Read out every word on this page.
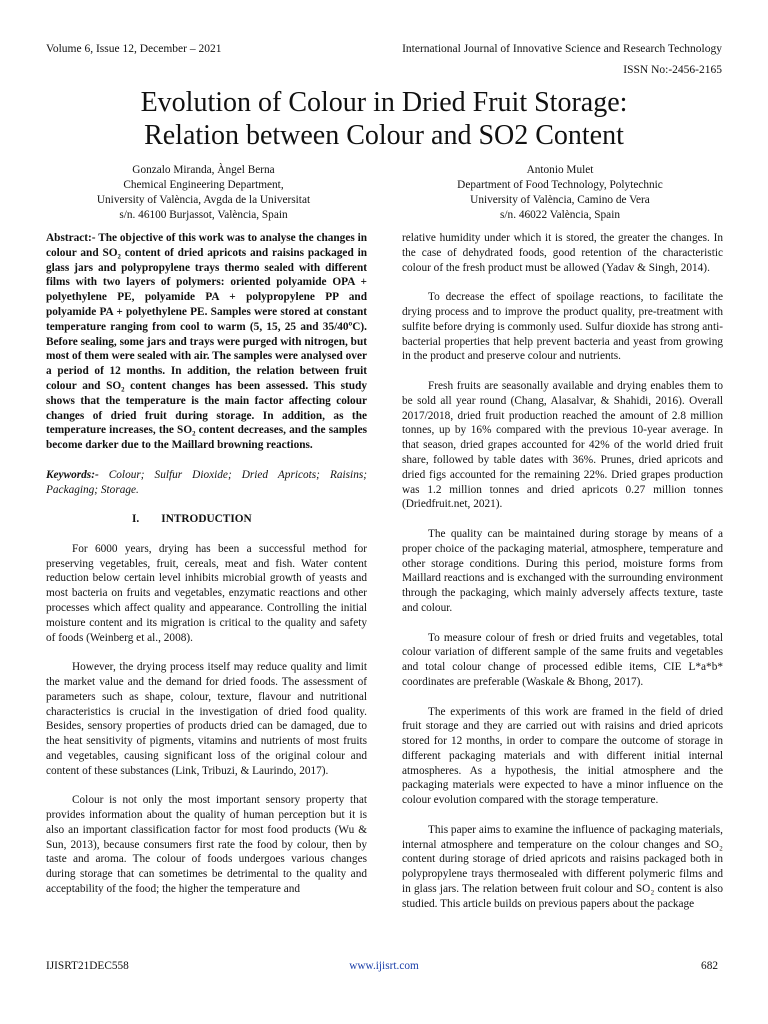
Volume 6, Issue 12, December – 2021	International Journal of Innovative Science and Research Technology
ISSN No:-2456-2165
Evolution of Colour in Dried Fruit Storage:
Relation between Colour and SO2 Content
Gonzalo Miranda, Àngel Berna
Chemical Engineering Department,
University of València, Avgda de la Universitat
s/n. 46100 Burjassot, València, Spain
Antonio Mulet
Department of Food Technology, Polytechnic
University of València, Camino de Vera
s/n. 46022 València, Spain

Abstract:- The objective of this work was to analyse the changes in colour and SO₂ content of dried apricots and raisins packaged in glass jars and polypropylene trays thermo sealed with different films with two layers of polymers: oriented polyamide OPA + polyethylene PE, polyamide PA + polypropylene PP and polyamide PA + polyethylene PE. Samples were stored at constant temperature ranging from cool to warm (5, 15, 25 and 35/40ºC). Before sealing, some jars and trays were purged with nitrogen, but most of them were sealed with air. The samples were analysed over a period of 12 months. In addition, the relation between fruit colour and SO₂ content changes has been assessed. This study shows that the temperature is the main factor affecting colour changes of dried fruit during storage. In addition, as the temperature increases, the SO₂ content decreases, and the samples become darker due to the Maillard browning reactions.

Keywords:- Colour; Sulfur Dioxide; Dried Apricots; Raisins; Packaging; Storage.

I. INTRODUCTION

For 6000 years, drying has been a successful method for preserving vegetables, fruit, cereals, meat and fish. Water content reduction below certain level inhibits microbial growth of yeasts and most bacteria on fruits and vegetables, enzymatic reactions and other processes which affect quality and appearance. Controlling the initial moisture content and its migration is critical to the quality and safety of foods (Weinberg et al., 2008).

However, the drying process itself may reduce quality and limit the market value and the demand for dried foods. The assessment of parameters such as shape, colour, texture, flavour and nutritional characteristics is crucial in the investigation of dried food quality. Besides, sensory properties of products dried can be damaged, due to the heat sensitivity of pigments, vitamins and nutrients of most fruits and vegetables, causing significant loss of the original colour and content of these substances (Link, Tribuzi, & Laurindo, 2017).

Colour is not only the most important sensory property that provides information about the quality of human perception but it is also an important classification factor for most food products (Wu & Sun, 2013), because consumers first rate the food by colour, then by taste and aroma. The colour of foods undergoes various changes during storage that can sometimes be detrimental to the quality and acceptability of the food; the higher the temperature and

relative humidity under which it is stored, the greater the changes. In the case of dehydrated foods, good retention of the characteristic colour of the fresh product must be allowed (Yadav & Singh, 2014).

To decrease the effect of spoilage reactions, to facilitate the drying process and to improve the product quality, pre-treatment with sulfite before drying is commonly used. Sulfur dioxide has strong anti-bacterial properties that help prevent bacteria and yeast from growing in the product and preserve colour and nutrients.

Fresh fruits are seasonally available and drying enables them to be sold all year round (Chang, Alasalvar, & Shahidi, 2016). Overall 2017/2018, dried fruit production reached the amount of 2.8 million tonnes, up by 16% compared with the previous 10-year average. In that season, dried grapes accounted for 42% of the world dried fruit share, followed by table dates with 36%. Prunes, dried apricots and dried figs accounted for the remaining 22%. Dried grapes production was 1.2 million tonnes and dried apricots 0.27 million tonnes (Driedfruit.net, 2021).

The quality can be maintained during storage by means of a proper choice of the packaging material, atmosphere, temperature and other storage conditions. During this period, moisture forms from Maillard reactions and is exchanged with the surrounding environment through the packaging, which mainly adversely affects texture, taste and colour.

To measure colour of fresh or dried fruits and vegetables, total colour variation of different sample of the same fruits and vegetables and total colour change of processed edible items, CIE L*a*b* coordinates are preferable (Waskale & Bhong, 2017).

The experiments of this work are framed in the field of dried fruit storage and they are carried out with raisins and dried apricots stored for 12 months, in order to compare the outcome of storage in different packaging materials and with different initial internal atmospheres. As a hypothesis, the initial atmosphere and the packaging materials were expected to have a minor influence on the colour evolution compared with the storage temperature.

This paper aims to examine the influence of packaging materials, internal atmosphere and temperature on the colour changes and SO₂ content during storage of dried apricots and raisins packaged both in polypropylene trays thermosealed with different polymeric films and in glass jars. The relation between fruit colour and SO₂ content is also studied. This article builds on previous papers about the package

IJISRT21DEC558	www.ijisrt.com	682
